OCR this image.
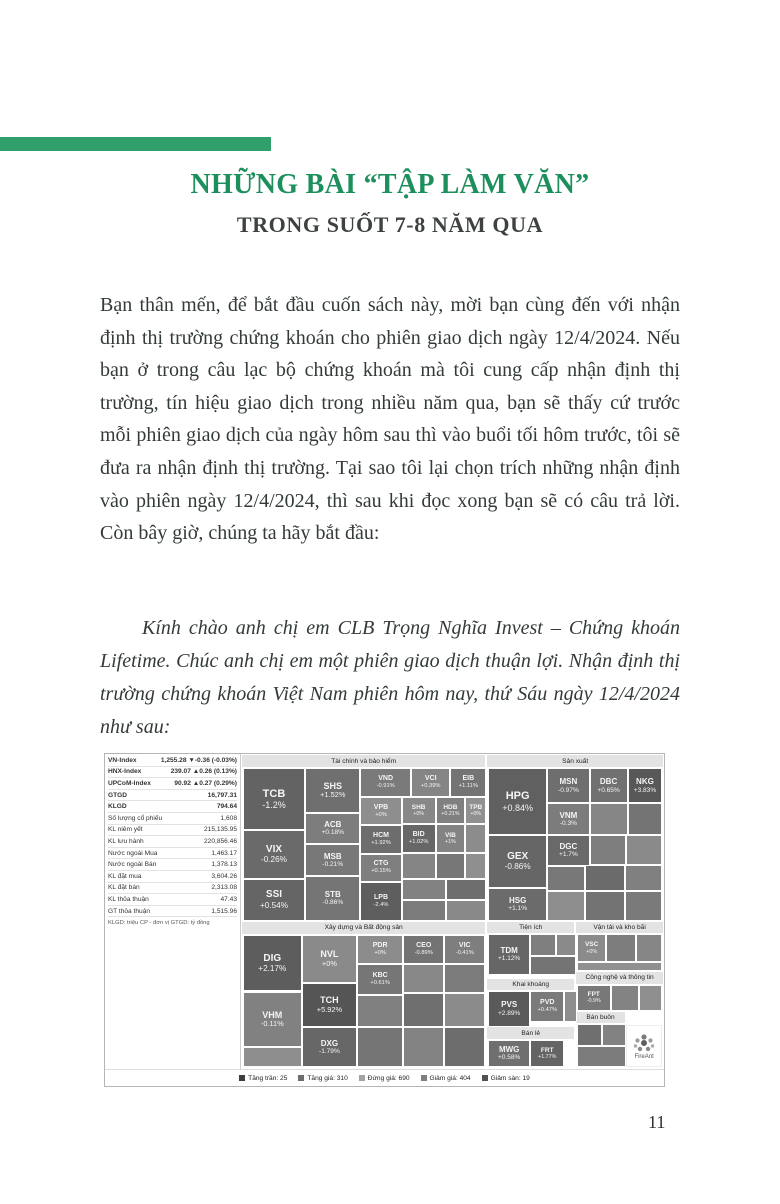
NHỮNG BÀI “TẬP LÀM VĂN”
TRONG SUỐT 7-8 NĂM QUA

Bạn thân mến, để bắt đầu cuốn sách này, mời bạn cùng đến với nhận định thị trường chứng khoán cho phiên giao dịch ngày 12/4/2024. Nếu bạn ở trong câu lạc bộ chứng khoán mà tôi cung cấp nhận định thị trường, tín hiệu giao dịch trong nhiều năm qua, bạn sẽ thấy cứ trước mỗi phiên giao dịch của ngày hôm sau thì vào buổi tối hôm trước, tôi sẽ đưa ra nhận định thị trường. Tại sao tôi lại chọn trích những nhận định vào phiên ngày 12/4/2024, thì sau khi đọc xong bạn sẽ có câu trả lời. Còn bây giờ, chúng ta hãy bắt đầu:

Kính chào anh chị em CLB Trọng Nghĩa Invest – Chứng khoán Lifetime. Chúc anh chị em một phiên giao dịch thuận lợi. Nhận định thị trường chứng khoán Việt Nam phiên hôm nay, thứ Sáu ngày 12/4/2024 như sau:

VN-Index	1,255.28 ▼-0.36 (-0.03%)
HNX-Index	239.07 ▲0.26 (0.13%)
UPCoM-Index	90.92 ▲0.27 (0.29%)
GTGD	16,797.31
KLGD	794.64
Số lượng cổ phiếu	1,608
KL niêm yết	215,135.95
KL lưu hành	220,856.46
Nước ngoài Mua	1,463.17
Nước ngoài Bán	1,378.13
KL đặt mua	3,604.26
KL đặt bán	2,313.08
KL thỏa thuận	47.43
GT thỏa thuận	1,515.96
KLGD: triệu CP - đơn vị GTGD: tỷ đồng
Tài chính và bảo hiểm	Sản xuất
Xây dựng và Bất động sản	Tiện ích	Vận tải và kho bãi
Khai khoáng
Công nghệ và thông tin
Bán buôn
Bán lẻ
TCB
-1.2%
SHS
+1.52%
VND
-0.91%
VCI
+0.39%
EIB
+1.11%
VPB
+0%
SHB
+0%
HDB
+0.21%
TPB
+0%
ACB
+0.18%	HCM
+1.92%
BID
+1.02%
VIB
+1%
VIX
-0.26%	MSB
-0.21%	CTG
+0.15%
SSI
+0.54%
STB
-0.86%
LPB
-2.4%
HPG
+0.84%
MSN
-0.97%
DBC
+0.65%
NKG
+3.83%
VNM
-0.3%
GEX
-0.86%
DGC
+1.7%
HSG
+1.1%
DIG
+2.17%
NVL
+0%
PDR
+0%
CEO
-0.89%
VIC
-0.41%
KBC
+0.61%
TCH
+5.92%
VHM
-0.11%
DXG
-1.79%
TDM
+1.12%
VSC
+0%
PVS
+2.89%
PVD
+0.47%
FPT
-0.9%
MWG
+0.58%
FRT
+1.77%	FireAnt
Tăng trần: 25	Tăng giá: 310	Đứng giá: 690	Giảm giá: 404	Giảm sàn: 19
11
